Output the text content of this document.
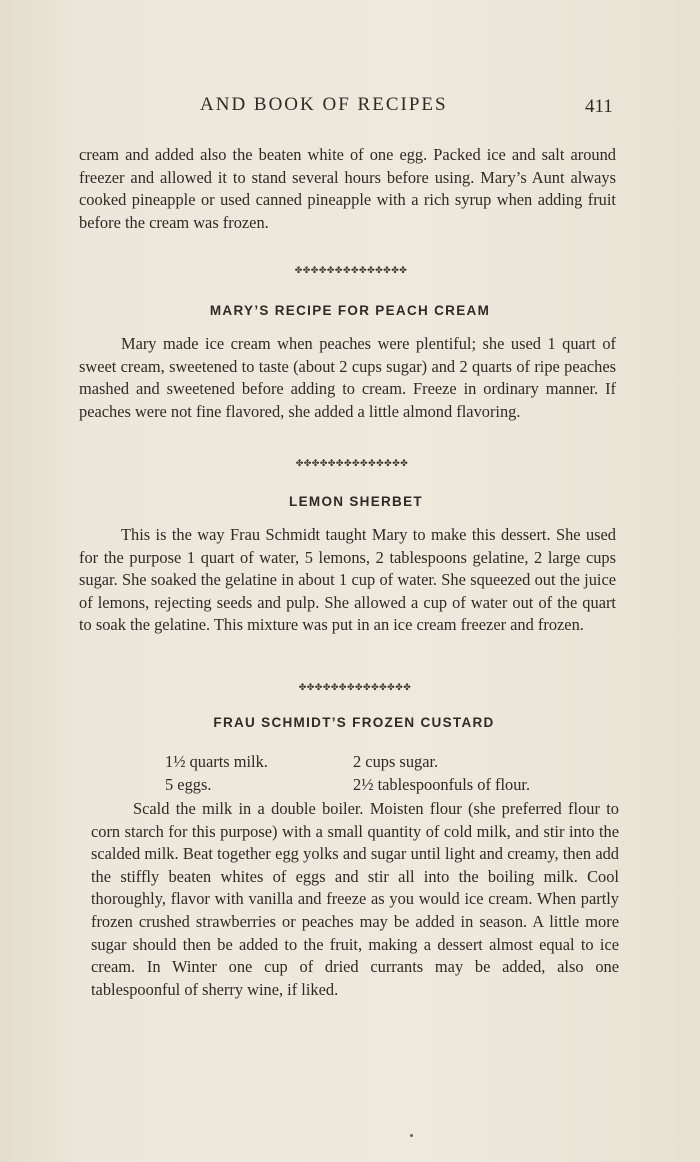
AND BOOK OF RECIPES	411
cream and added also the beaten white of one egg. Packed ice and salt around freezer and allowed it to stand several hours before using. Mary’s Aunt always cooked pineapple or used canned pineapple with a rich syrup when adding fruit before the cream was frozen.
✤✤✤✤✤✤✤✤✤✤✤✤✤✤
MARY’S RECIPE FOR PEACH CREAM
Mary made ice cream when peaches were plentiful; she used 1 quart of sweet cream, sweetened to taste (about 2 cups sugar) and 2 quarts of ripe peaches mashed and sweetened before adding to cream. Freeze in ordinary manner. If peaches were not fine flavored, she added a little almond flavoring.
✤✤✤✤✤✤✤✤✤✤✤✤✤✤
LEMON SHERBET
This is the way Frau Schmidt taught Mary to make this dessert. She used for the purpose 1 quart of water, 5 lemons, 2 tablespoons gelatine, 2 large cups sugar. She soaked the gelatine in about 1 cup of water. She squeezed out the juice of lemons, rejecting seeds and pulp. She allowed a cup of water out of the quart to soak the gelatine. This mixture was put in an ice cream freezer and frozen.
✤✤✤✤✤✤✤✤✤✤✤✤✤✤
FRAU SCHMIDT’S FROZEN CUSTARD
1½ quarts milk.	2 cups sugar.
5 eggs.	2½ tablespoonfuls of flour.
Scald the milk in a double boiler. Moisten flour (she preferred flour to corn starch for this purpose) with a small quantity of cold milk, and stir into the scalded milk. Beat together egg yolks and sugar until light and creamy, then add the stiffly beaten whites of eggs and stir all into the boiling milk. Cool thoroughly, flavor with vanilla and freeze as you would ice cream. When partly frozen crushed strawberries or peaches may be added in season. A little more sugar should then be added to the fruit, making a dessert almost equal to ice cream. In Winter one cup of dried currants may be added, also one tablespoonful of sherry wine, if liked.
